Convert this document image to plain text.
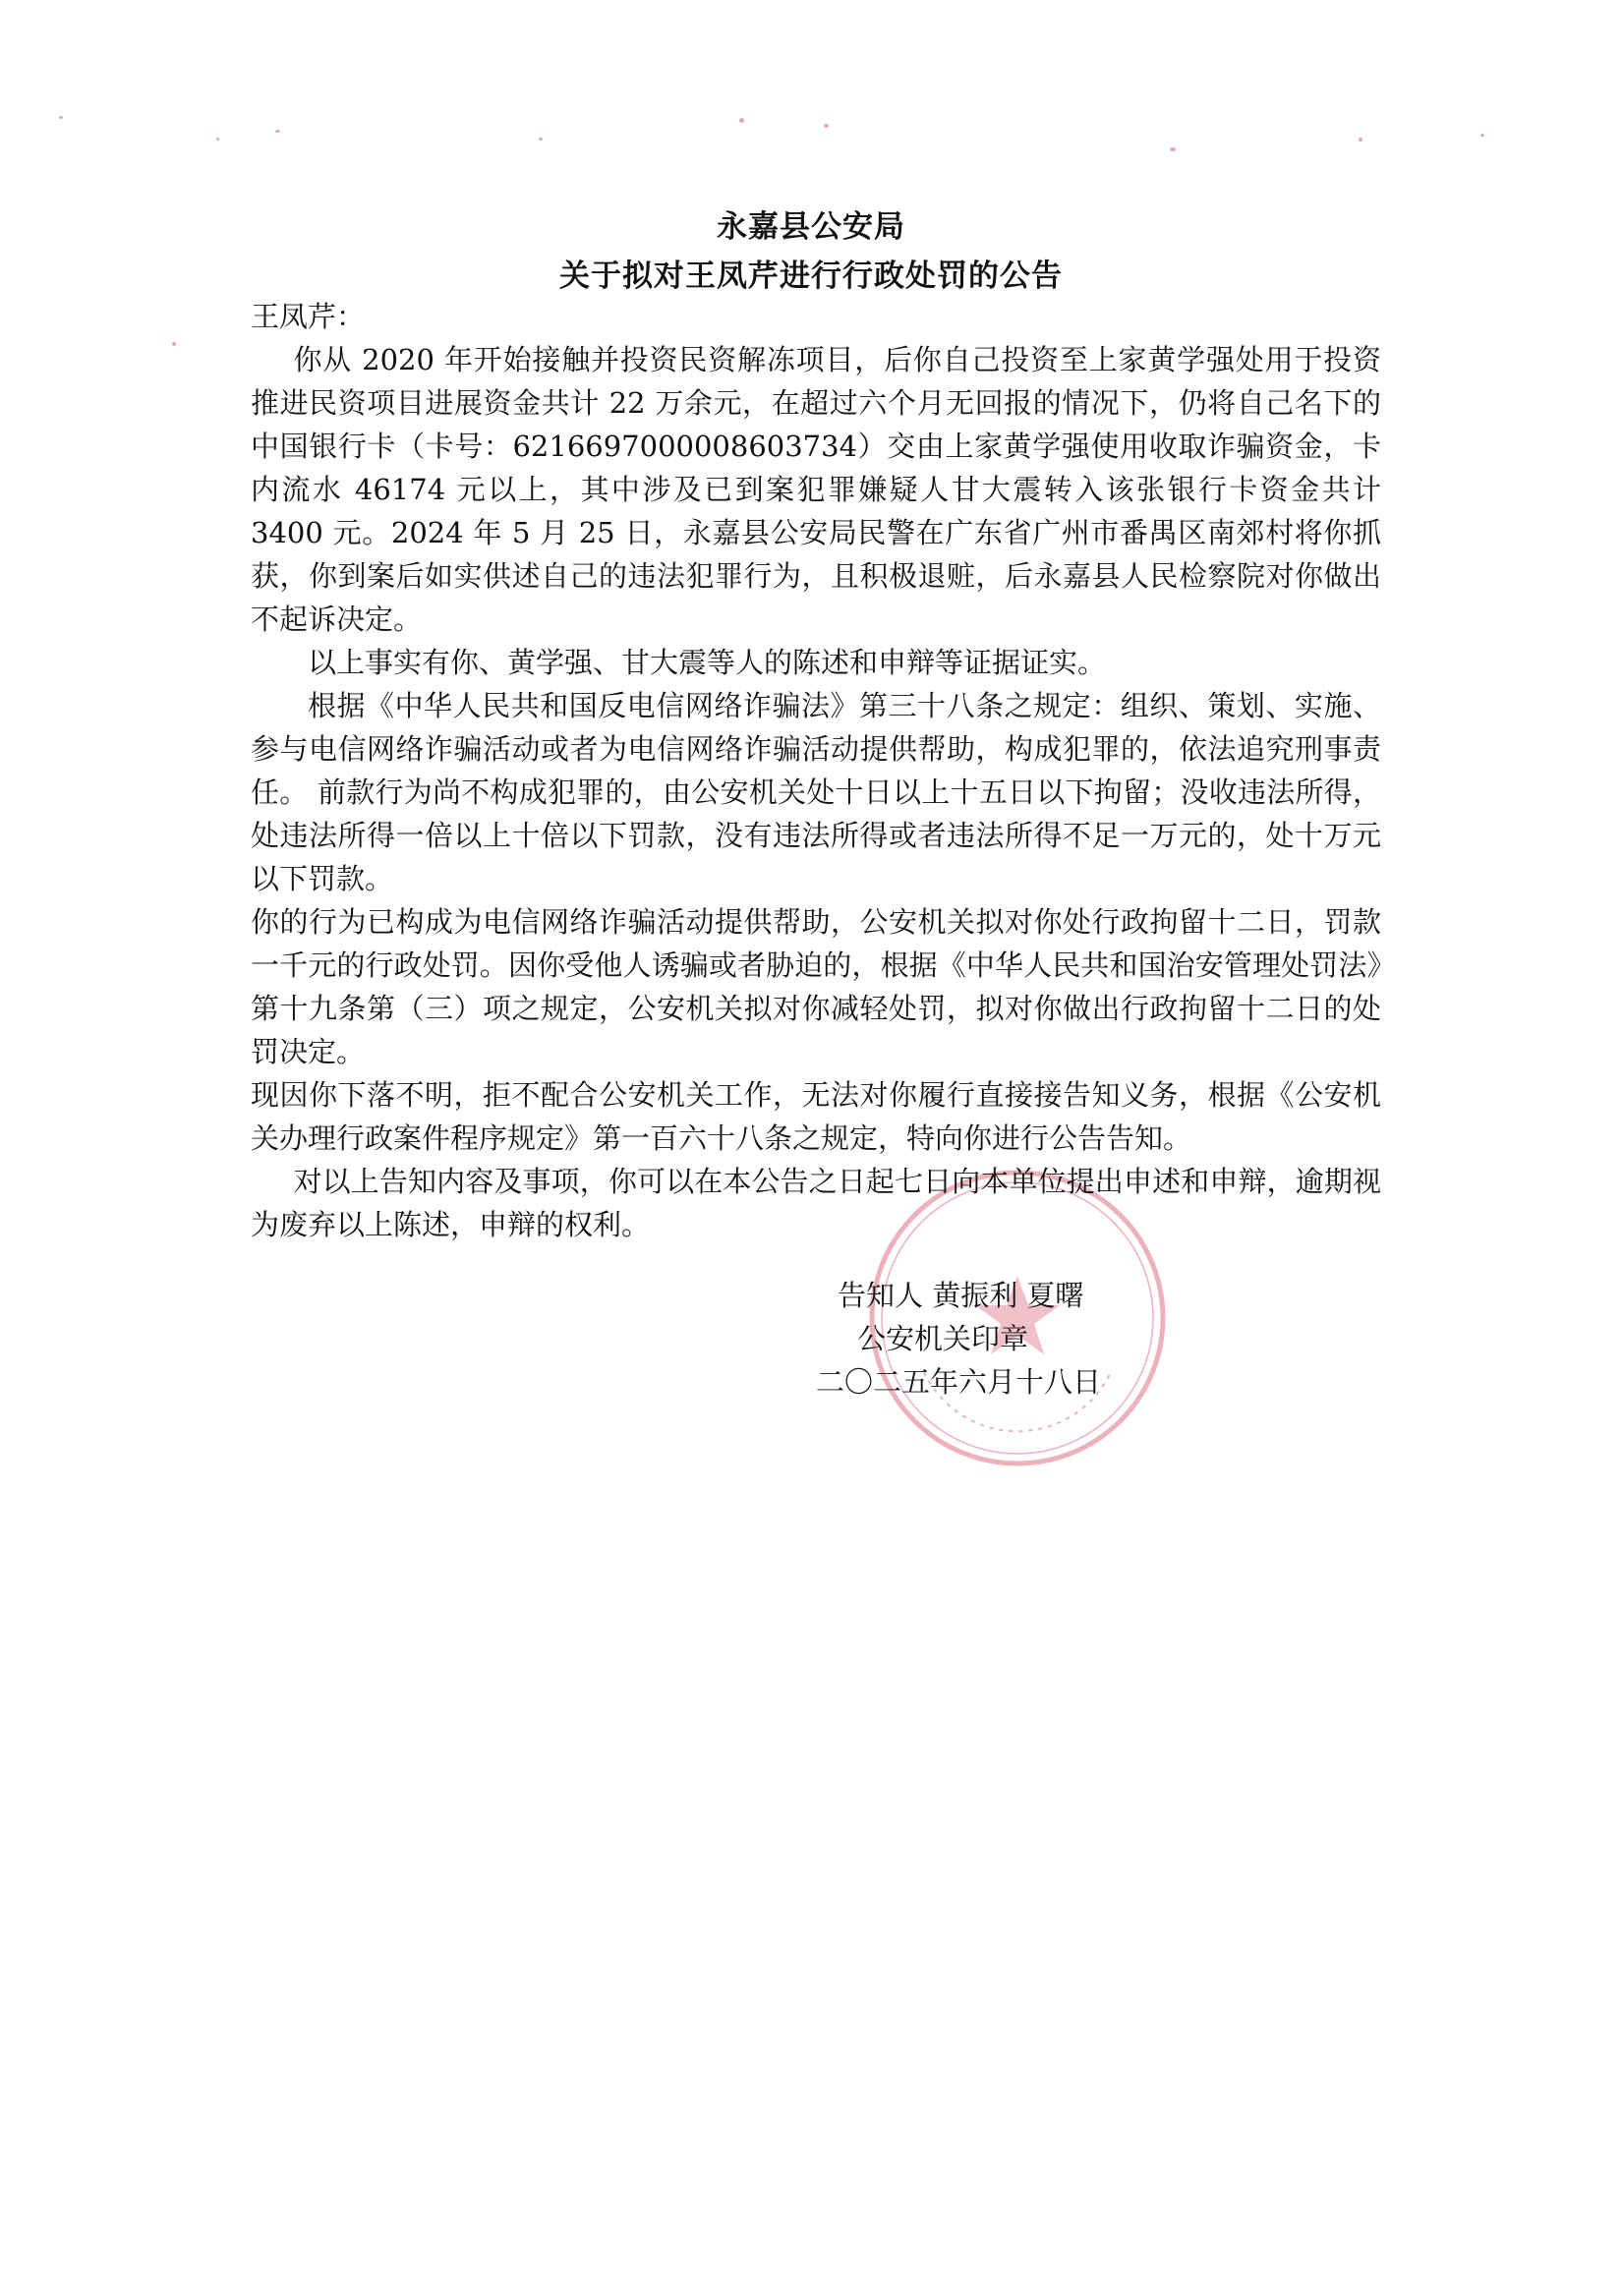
永嘉县公安局
关于拟对王凤芹进行行政处罚的公告

王凤芹：

你从 2020 年开始接触并投资民资解冻项目，后你自己投资至上家黄学强处用于投资推进民资项目进展资金共计 22 万余元，在超过六个月无回报的情况下，仍将自己名下的中国银行卡（卡号：6216697000008603734）交由上家黄学强使用收取诈骗资金，卡内流水 46174 元以上，其中涉及已到案犯罪嫌疑人甘大震转入该张银行卡资金共计 3400 元。2024 年 5 月 25 日，永嘉县公安局民警在广东省广州市番禺区南郊村将你抓获，你到案后如实供述自己的违法犯罪行为，且积极退赃，后永嘉县人民检察院对你做出不起诉决定。

以上事实有你、黄学强、甘大震等人的陈述和申辩等证据证实。

根据《中华人民共和国反电信网络诈骗法》第三十八条之规定：组织、策划、实施、参与电信网络诈骗活动或者为电信网络诈骗活动提供帮助，构成犯罪的，依法追究刑事责任。 前款行为尚不构成犯罪的，由公安机关处十日以上十五日以下拘留；没收违法所得，处违法所得一倍以上十倍以下罚款，没有违法所得或者违法所得不足一万元的，处十万元以下罚款。

你的行为已构成为电信网络诈骗活动提供帮助，公安机关拟对你处行政拘留十二日，罚款一千元的行政处罚。因你受他人诱骗或者胁迫的，根据《中华人民共和国治安管理处罚法》第十九条第（三）项之规定，公安机关拟对你减轻处罚，拟对你做出行政拘留十二日的处罚决定。

现因你下落不明，拒不配合公安机关工作，无法对你履行直接接告知义务，根据《公安机关办理行政案件程序规定》第一百六十八条之规定，特向你进行公告告知。

对以上告知内容及事项，你可以在本公告之日起七日向本单位提出申述和申辩，逾期视为废弃以上陈述，申辩的权利。

告知人 黄振利 夏曙
公安机关印章
二〇二五年六月十八日
